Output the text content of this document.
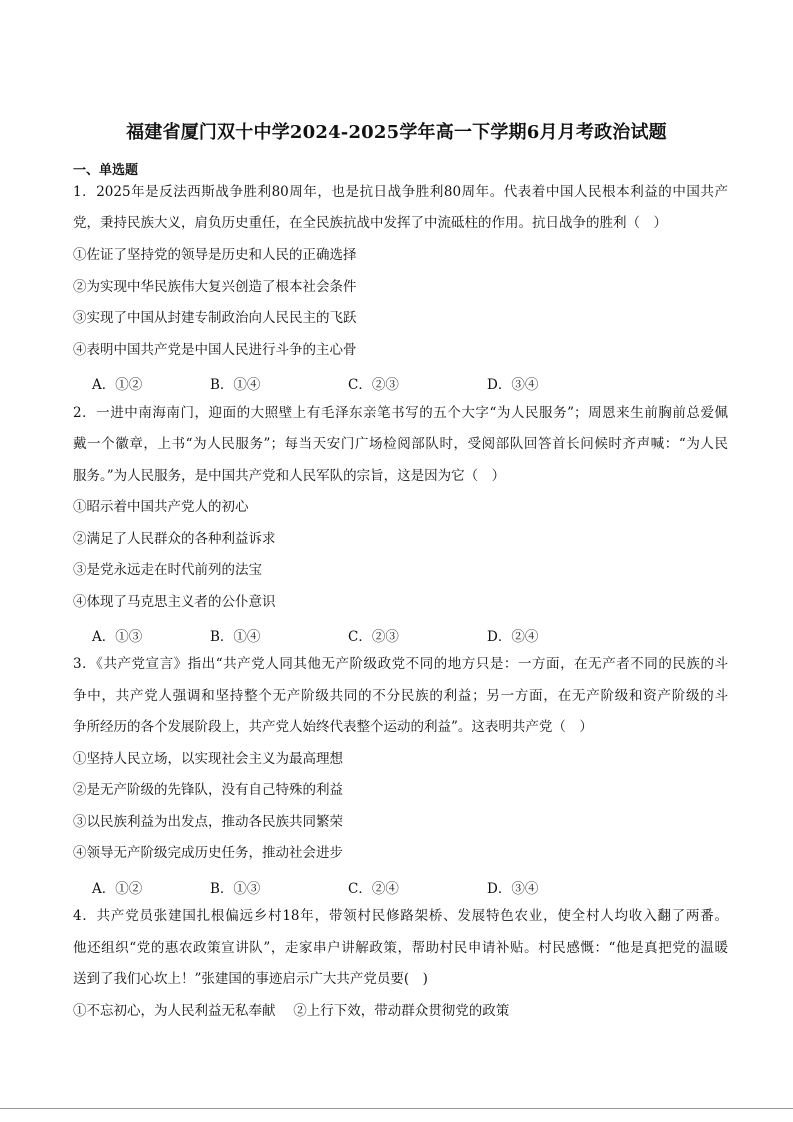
福建省厦门双十中学2024-2025学年高一下学期6月月考政治试题
一、单选题
1．2025年是反法西斯战争胜利80周年，也是抗日战争胜利80周年。代表着中国人民根本利益的中国共产
党，秉持民族大义，肩负历史重任，在全民族抗战中发挥了中流砥柱的作用。抗日战争的胜利（　）
①佐证了坚持党的领导是历史和人民的正确选择
②为实现中华民族伟大复兴创造了根本社会条件
③实现了中国从封建专制政治向人民民主的飞跃
④表明中国共产党是中国人民进行斗争的主心骨
A．①②	B．①④	C．②③	D．③④
2．一进中南海南门，迎面的大照壁上有毛泽东亲笔书写的五个大字“为人民服务”；周恩来生前胸前总爱佩
戴一个徽章，上书“为人民服务”；每当天安门广场检阅部队时，受阅部队回答首长问候时齐声喊：“为人民
服务。”为人民服务，是中国共产党和人民军队的宗旨，这是因为它（　）
①昭示着中国共产党人的初心
②满足了人民群众的各种利益诉求
③是党永远走在时代前列的法宝
④体现了马克思主义者的公仆意识
A．①③	B．①④	C．②③	D．②④
3．《共产党宣言》指出“共产党人同其他无产阶级政党不同的地方只是：一方面，在无产者不同的民族的斗
争中，共产党人强调和坚持整个无产阶级共同的不分民族的利益；另一方面，在无产阶级和资产阶级的斗
争所经历的各个发展阶段上，共产党人始终代表整个运动的利益”。这表明共产党（　）
①坚持人民立场，以实现社会主义为最高理想
②是无产阶级的先锋队，没有自己特殊的利益
③以民族利益为出发点，推动各民族共同繁荣
④领导无产阶级完成历史任务，推动社会进步
A．①②	B．①③	C．②④	D．③④
4．共产党员张建国扎根偏远乡村18年，带领村民修路架桥、发展特色农业，使全村人均收入翻了两番。
他还组织“党的惠农政策宣讲队”，走家串户讲解政策，帮助村民申请补贴。村民感慨：“他是真把党的温暖
送到了我们心坎上！”张建国的事迹启示广大共产党员要(　)
①不忘初心，为人民利益无私奉献　 ②上行下效，带动群众贯彻党的政策
